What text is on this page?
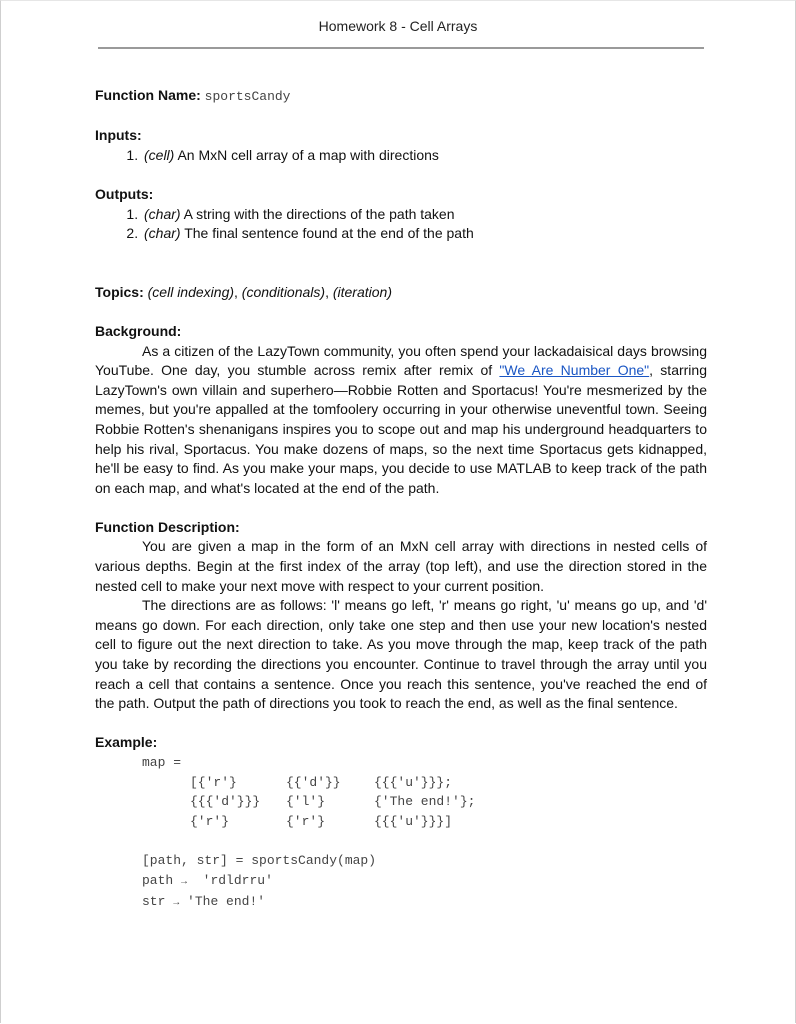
Homework 8 - Cell Arrays

Function Name: sportsCandy

Inputs:

1. (cell) An MxN cell array of a map with directions

Outputs:

1. (char) A string with the directions of the path taken
2. (char) The final sentence found at the end of the path

Topics: (cell indexing), (conditionals), (iteration)

Background:

As a citizen of the LazyTown community, you often spend your lackadaisical days browsing YouTube. One day, you stumble across remix after remix of "We Are Number One", starring LazyTown's own villain and superhero—Robbie Rotten and Sportacus! You're mesmerized by the memes, but you're appalled at the tomfoolery occurring in your otherwise uneventful town. Seeing Robbie Rotten's shenanigans inspires you to scope out and map his underground headquarters to help his rival, Sportacus. You make dozens of maps, so the next time Sportacus gets kidnapped, he'll be easy to find. As you make your maps, you decide to use MATLAB to keep track of the path on each map, and what's located at the end of the path.

Function Description:

You are given a map in the form of an MxN cell array with directions in nested cells of various depths. Begin at the first index of the array (top left), and use the direction stored in the nested cell to make your next move with respect to your current position.

The directions are as follows: 'l' means go left, 'r' means go right, 'u' means go up, and 'd' means go down. For each direction, only take one step and then use your new location's nested cell to figure out the next direction to take. As you move through the map, keep track of the path you take by recording the directions you encounter. Continue to travel through the array until you reach a cell that contains a sentence. Once you reach this sentence, you've reached the end of the path. Output the path of directions you took to reach the end, as well as the final sentence.

Example:

map =
[{'r'}	{{'d'}}	{{{'u'}}};
{{{'d'}}}	{'l'}	{'The end!'};
{'r'}	{'r'}	{{{'u'}}}]
[path, str] = sportsCandy(map)
path → 'rdldrru'
str → 'The end!'
